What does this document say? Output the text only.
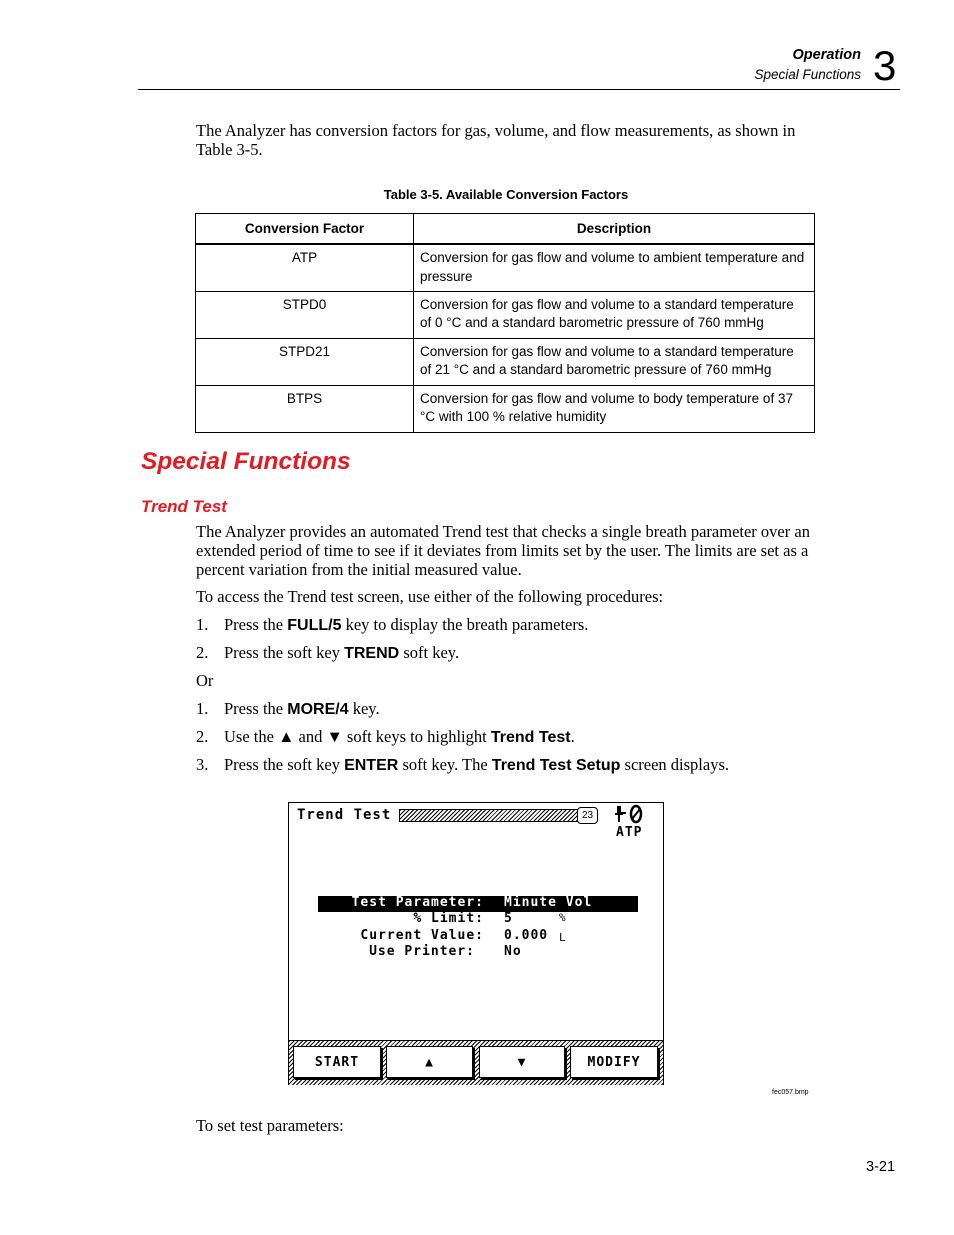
Operation
Special Functions 3
The Analyzer has conversion factors for gas, volume, and flow measurements, as shown in Table 3-5.
Table 3-5. Available Conversion Factors
Conversion Factor	Description
ATP	Conversion for gas flow and volume to ambient temperature and pressure
STPD0	Conversion for gas flow and volume to a standard temperature of 0 °C and a standard barometric pressure of 760 mmHg
STPD21	Conversion for gas flow and volume to a standard temperature of 21 °C and a standard barometric pressure of 760 mmHg
BTPS	Conversion for gas flow and volume to body temperature of 37 °C with 100 % relative humidity
Special Functions
Trend Test
The Analyzer provides an automated Trend test that checks a single breath parameter over an extended period of time to see if it deviates from limits set by the user. The limits are set as a percent variation from the initial measured value.
To access the Trend test screen, use either of the following procedures:
1. Press the FULL/5 key to display the breath parameters.
2. Press the soft key TREND soft key.
Or
1. Press the MORE/4 key.
2. Use the ▲ and ▼ soft keys to highlight Trend Test.
3. Press the soft key ENTER soft key. The Trend Test Setup screen displays.
Trend Test	23
ATP
Test Parameter: Minute Vol
% Limit: 5	%
Current Value: 0.000 L
Use Printer: No
START	▲	▼	MODIFY
fec057.bmp
To set test parameters:
3-21
